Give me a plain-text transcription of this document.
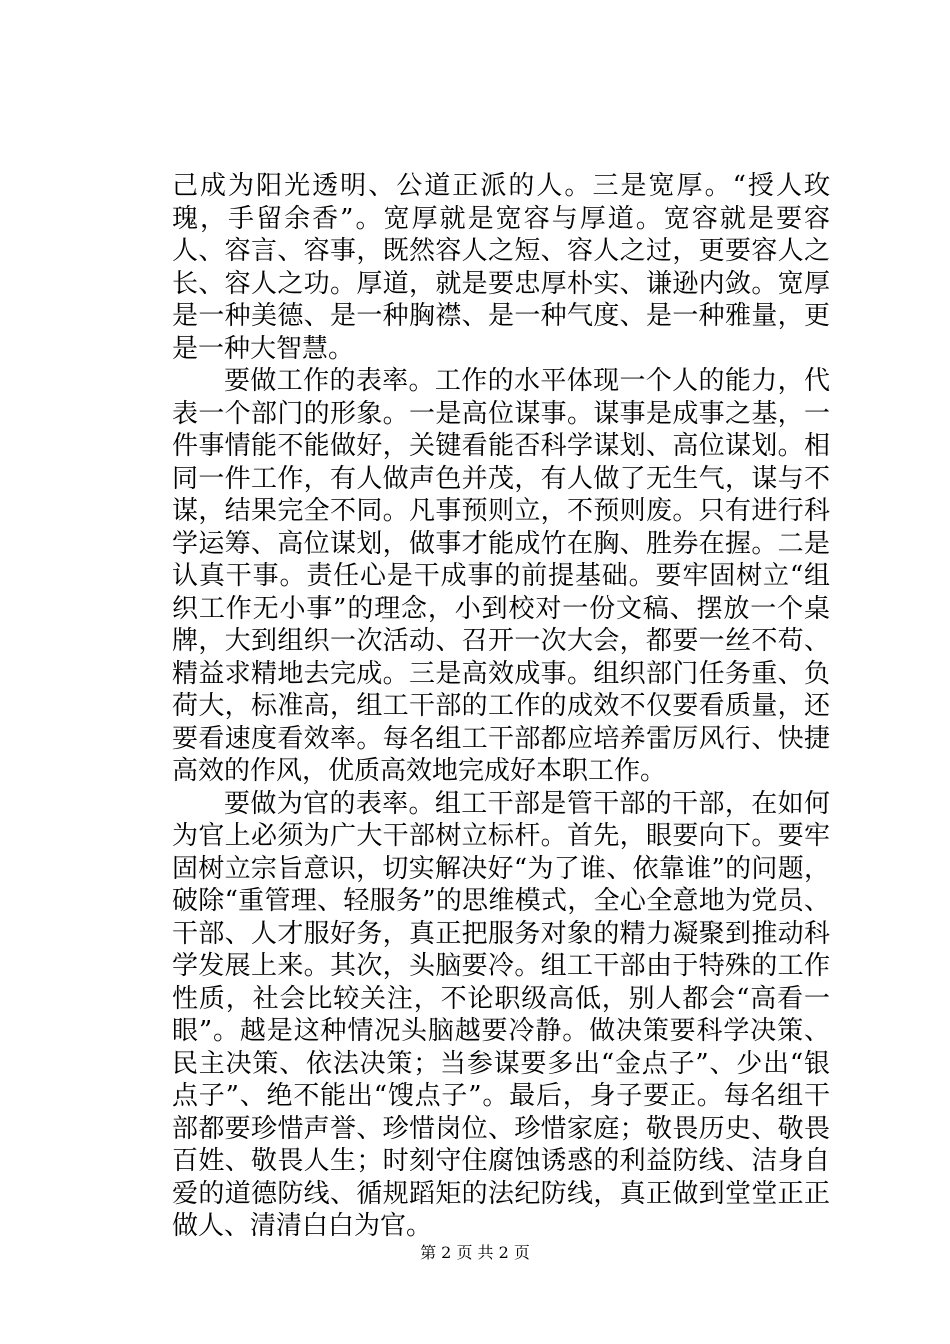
己成为阳光透明、公道正派的人。三是宽厚。“授人玫瑰，手留余香”。宽厚就是宽容与厚道。宽容就是要容人、容言、容事，既然容人之短、容人之过，更要容人之长、容人之功。厚道，就是要忠厚朴实、谦逊内敛。宽厚是一种美德、是一种胸襟、是一种气度、是一种雅量，更是一种大智慧。

要做工作的表率。工作的水平体现一个人的能力，代表一个部门的形象。一是高位谋事。谋事是成事之基，一件事情能不能做好，关键看能否科学谋划、高位谋划。相同一件工作，有人做声色并茂，有人做了无生气，谋与不谋，结果完全不同。凡事预则立，不预则废。只有进行科学运筹、高位谋划，做事才能成竹在胸、胜券在握。二是认真干事。责任心是干成事的前提基础。要牢固树立“组织工作无小事”的理念，小到校对一份文稿、摆放一个桌牌，大到组织一次活动、召开一次大会，都要一丝不苟、精益求精地去完成。三是高效成事。组织部门任务重、负荷大，标准高，组工干部的工作的成效不仅要看质量，还要看速度看效率。每名组工干部都应培养雷厉风行、快捷高效的作风，优质高效地完成好本职工作。

要做为官的表率。组工干部是管干部的干部，在如何为官上必须为广大干部树立标杆。首先，眼要向下。要牢固树立宗旨意识，切实解决好“为了谁、依靠谁”的问题，破除“重管理、轻服务”的思维模式，全心全意地为党员、干部、人才服好务，真正把服务对象的精力凝聚到推动科学发展上来。其次，头脑要冷。组工干部由于特殊的工作性质，社会比较关注，不论职级高低，别人都会“高看一眼”。越是这种情况头脑越要冷静。做决策要科学决策、民主决策、依法决策；当参谋要多出“金点子”、少出“银点子”、绝不能出“馊点子”。最后，身子要正。每名组干部都要珍惜声誉、珍惜岗位、珍惜家庭；敬畏历史、敬畏百姓、敬畏人生；时刻守住腐蚀诱惑的利益防线、洁身自爱的道德防线、循规蹈矩的法纪防线，真正做到堂堂正正做人、清清白白为官。

第 2 页 共 2 页
